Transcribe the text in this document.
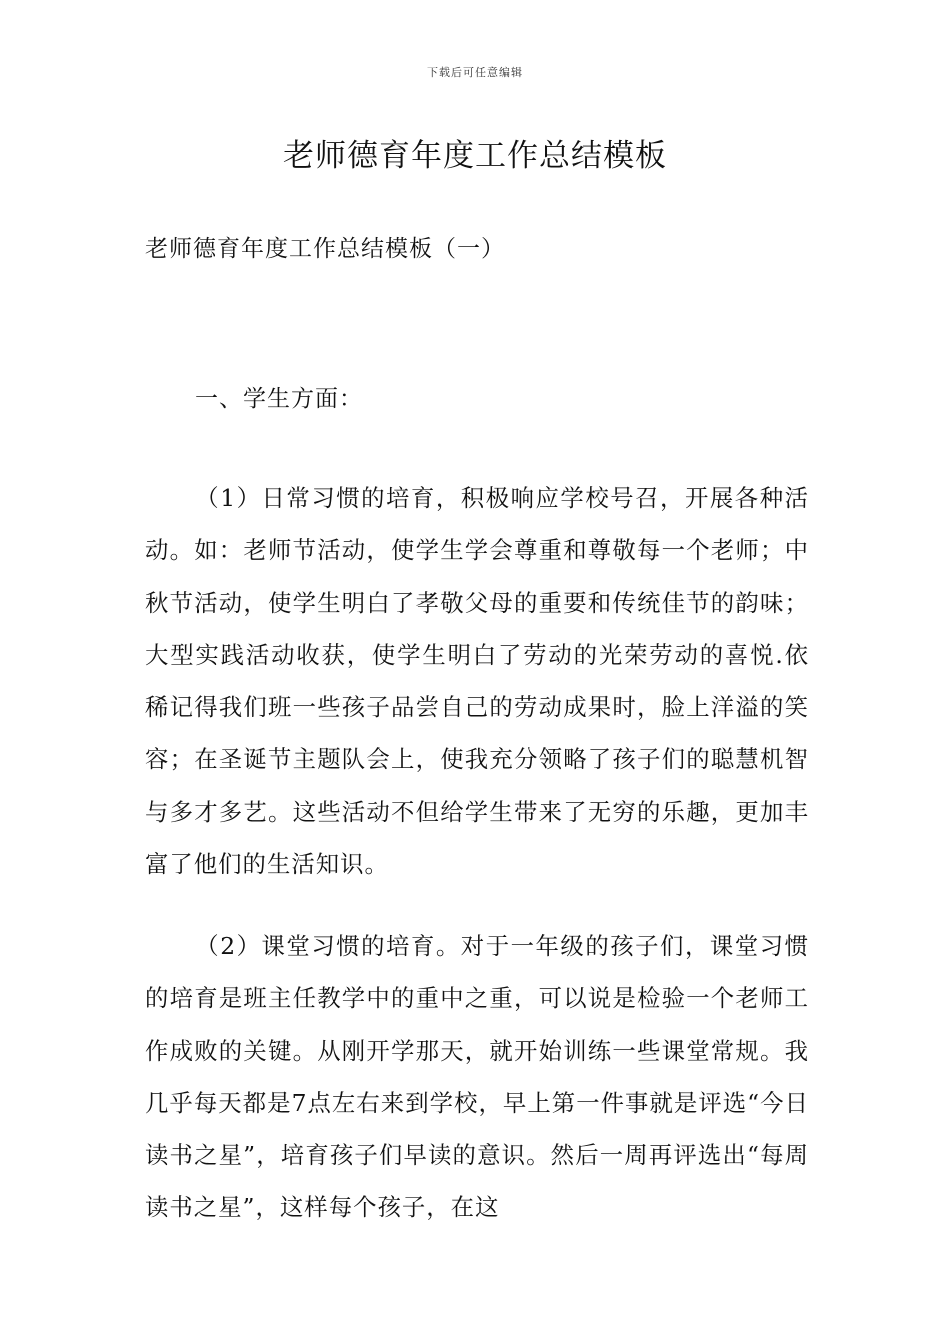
下载后可任意编辑
老师德育年度工作总结模板
老师德育年度工作总结模板（一）
一、学生方面：

（1）日常习惯的培育，积极响应学校号召，开展各种活动。如：老师节活动，使学生学会尊重和尊敬每一个老师；中秋节活动，使学生明白了孝敬父母的重要和传统佳节的韵味；大型实践活动收获，使学生明白了劳动的光荣劳动的喜悦.依稀记得我们班一些孩子品尝自己的劳动成果时，脸上洋溢的笑容；在圣诞节主题队会上，使我充分领略了孩子们的聪慧机智与多才多艺。这些活动不但给学生带来了无穷的乐趣，更加丰富了他们的生活知识。

（2）课堂习惯的培育。对于一年级的孩子们，课堂习惯的培育是班主任教学中的重中之重，可以说是检验一个老师工作成败的关键。从刚开学那天，就开始训练一些课堂常规。我几乎每天都是7点左右来到学校，早上第一件事就是评选“今日读书之星”，培育孩子们早读的意识。然后一周再评选出“每周读书之星”，这样每个孩子，在这
